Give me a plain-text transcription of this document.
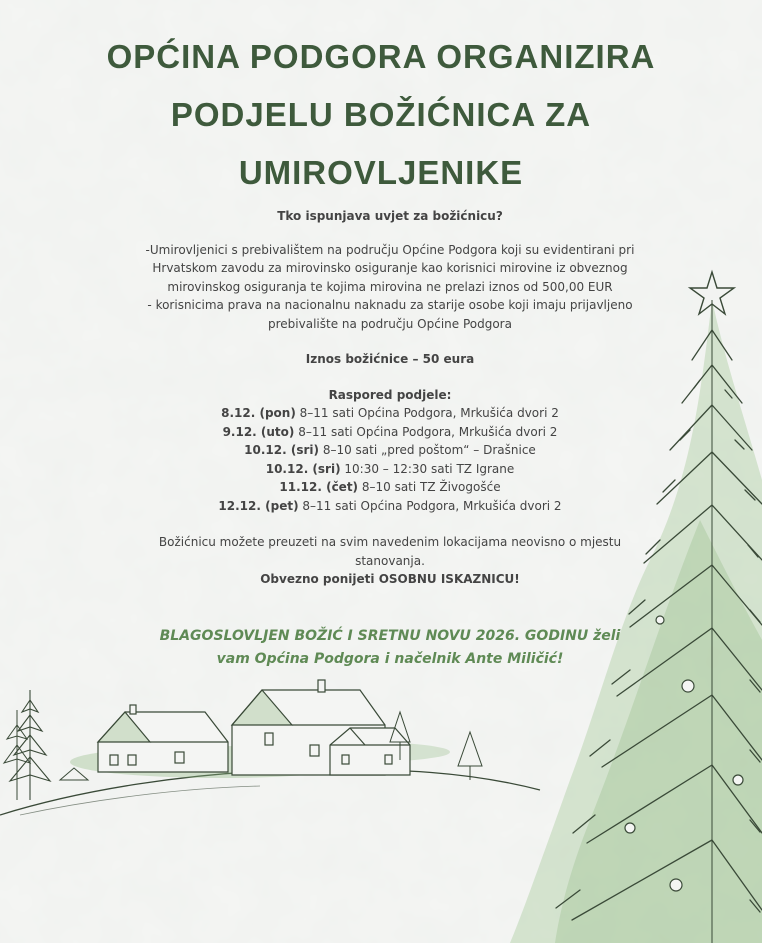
OPĆINA PODGORA ORGANIZIRA
PODJELU BOŽIĆNICA ZA
UMIROVLJENIKE

Tko ispunjava uvjet za božićnicu?

-Umirovljenici s prebivalištem na području Općine Podgora koji su evidentirani pri

Hrvatskom zavodu za mirovinsko osiguranje kao korisnici mirovine iz obveznog

mirovinskog osiguranja te kojima mirovina ne prelazi iznos od 500,00 EUR

- korisnicima prava na nacionalnu naknadu za starije osobe koji imaju prijavljeno

prebivalište na području Općine Podgora

Iznos božićnice – 50 eura

Raspored podjele:

8.12. (pon) 8–11 sati Općina Podgora, Mrkušića dvori 2

9.12. (uto) 8–11 sati Općina Podgora, Mrkušića dvori 2

10.12. (sri) 8–10 sati „pred poštom“ – Drašnice

10.12. (sri) 10:30 – 12:30 sati TZ Igrane

11.12. (čet) 8–10 sati TZ Živogošće

12.12. (pet) 8–11 sati Općina Podgora, Mrkušića dvori 2

Božićnicu možete preuzeti na svim navedenim lokacijama neovisno o mjestu
stanovanja.

Obvezno ponijeti OSOBNU ISKAZNICU!

BLAGOSLOVLJEN BOŽIĆ I SRETNU NOVU 2026. GODINU želi
vam Općina Podgora i načelnik Ante Miličić!
